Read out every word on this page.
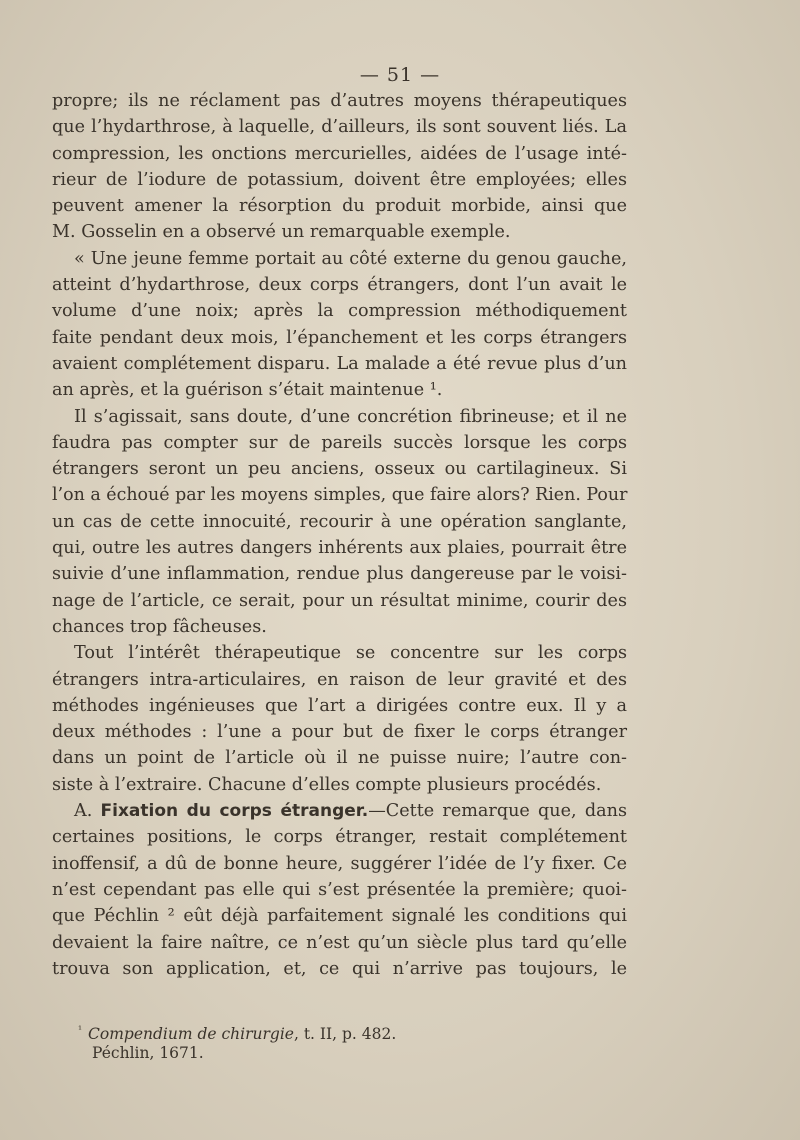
— 51 —
propre; ils ne réclament pas d’autres moyens thérapeutiques
que l’hydarthrose, à laquelle, d’ailleurs, ils sont souvent liés. La
compression, les onctions mercurielles, aidées de l’usage inté-
rieur de l’iodure de potassium, doivent être employées; elles
peuvent amener la résorption du produit morbide, ainsi que
M. Gosselin en a observé un remarquable exemple.
« Une jeune femme portait au côté externe du genou gauche,
atteint d’hydarthrose, deux corps étrangers, dont l’un avait le
volume d’une noix; après la compression méthodiquement
faite pendant deux mois, l’épanchement et les corps étrangers
avaient complétement disparu. La malade a été revue plus d’un
an après, et la guérison s’était maintenue ¹.
Il s’agissait, sans doute, d’une concrétion fibrineuse; et il ne
faudra pas compter sur de pareils succès lorsque les corps
étrangers seront un peu anciens, osseux ou cartilagineux. Si
l’on a échoué par les moyens simples, que faire alors? Rien. Pour
un cas de cette innocuité, recourir à une opération sanglante,
qui, outre les autres dangers inhérents aux plaies, pourrait être
suivie d’une inflammation, rendue plus dangereuse par le voisi-
nage de l’article, ce serait, pour un résultat minime, courir des
chances trop fâcheuses.
Tout l’intérêt thérapeutique se concentre sur les corps
étrangers intra-articulaires, en raison de leur gravité et des
méthodes ingénieuses que l’art a dirigées contre eux. Il y a
deux méthodes : l’une a pour but de fixer le corps étranger
dans un point de l’article où il ne puisse nuire; l’autre con-
siste à l’extraire. Chacune d’elles compte plusieurs procédés.
A. Fixation du corps étranger.—Cette remarque que, dans
certaines positions, le corps étranger, restait complétement
inoffensif, a dû de bonne heure, suggérer l’idée de l’y fixer. Ce
n’est cependant pas elle qui s’est présentée la première; quoi-
que Péchlin ² eût déjà parfaitement signalé les conditions qui
devaient la faire naître, ce n’est qu’un siècle plus tard qu’elle
trouva son application, et, ce qui n’arrive pas toujours, le
$^{^1}$ Compendium de chirurgie, t. II, p. 482.
Péchlin, 1671.
